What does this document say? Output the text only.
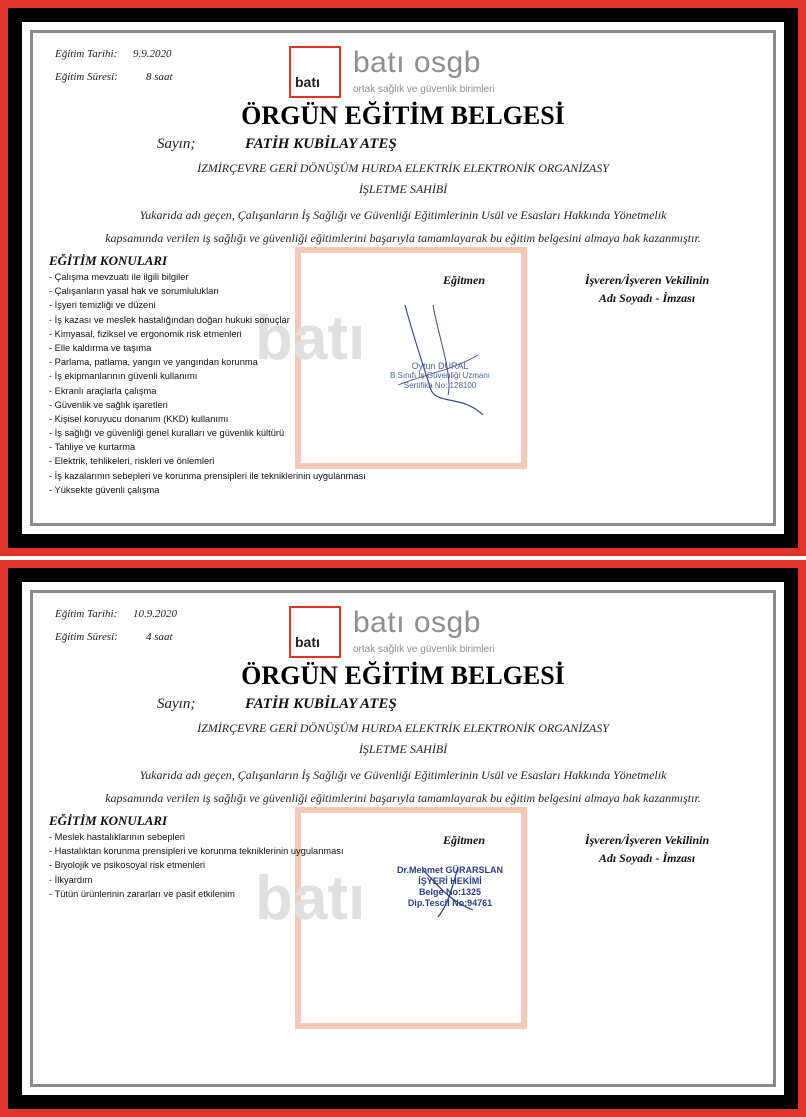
batı
Eğitim Tarihi: 9.9.2020
Eğitim Süresi:	8 saat	batı
batı osgb
ortak sağlık ve güvenlik birimleri
ÖRGÜN EĞİTİM BELGESİ
Sayın;	FATİH KUBİLAY ATEŞ
İZMİRÇEVRE GERİ DÖNÜŞÜM HURDA ELEKTRİK ELEKTRONİK ORGANİZASY
İŞLETME SAHİBİ
Yukarıda adı geçen, Çalışanların İş Sağlığı ve Güvenliği Eğitimlerinin Usül ve Esasları Hakkında Yönetmelik
kapsamında verilen iş sağlığı ve güvenliği eğitimlerini başarıyla tamamlayarak bu eğitim belgesini almaya hak kazanmıştır.
EĞİTİM KONULARI
- Çalışma mevzuatı ile ilgili bilgiler
- Çalışanların yasal hak ve sorumlulukları
- İşyeri temizliği ve düzeni
- İş kazası ve meslek hastalığından doğan hukuki sonuçlar
- Kimyasal, fiziksel ve ergonomik risk etmenleri
- Elle kaldırma ve taşıma
- Parlama, patlama, yangın ve yangından korunma
- İş ekipmanlarının güvenli kullanımı
- Ekranlı araçlarla çalışma
- Güvenlik ve sağlık işaretleri
- Kişisel koruyucu donanım (KKD) kullanımı
- İş sağlığı ve güvenliği genel kuralları ve güvenlik kültürü
- Tahliye ve kurtarma
- Elektrik, tehlikeleri, riskleri ve önlemleri
- İş kazalarının sebepleri ve korunma prensipleri ile tekniklerinin uygulanması
- Yüksekte güvenli çalışma
Eğitmen	İşveren/İşveren Vekilinin
Adı Soyadı - İmzası
Oytun DURAL
B Sınıfı İş Güvenliği Uzmanı
Sertifika No: 128100
batı
Eğitim Tarihi: 10.9.2020
Eğitim Süresi:	4 saat	batı
batı osgb
ortak sağlık ve güvenlik birimleri
ÖRGÜN EĞİTİM BELGESİ
Sayın;	FATİH KUBİLAY ATEŞ
İZMİRÇEVRE GERİ DÖNÜŞÜM HURDA ELEKTRİK ELEKTRONİK ORGANİZASY
İŞLETME SAHİBİ
Yukarıda adı geçen, Çalışanların İş Sağlığı ve Güvenliği Eğitimlerinin Usül ve Esasları Hakkında Yönetmelik
kapsamında verilen iş sağlığı ve güvenliği eğitimlerini başarıyla tamamlayarak bu eğitim belgesini almaya hak kazanmıştır.
EĞİTİM KONULARI
- Meslek hastalıklarının sebepleri
- Hastalıktan korunma prensipleri ve korunma tekniklerinin uygulanması
- Biyolojik ve psikosoyal risk etmenleri
- İlkyardım
- Tütün ürünlerinin zararları ve pasif etkilenim
Eğitmen	İşveren/İşveren Vekilinin
Adı Soyadı - İmzası
Dr.Mehmet GÜRARSLAN
İŞYERİ HEKİMİ
Belge No:1325
Dip.Tescil No:94761
